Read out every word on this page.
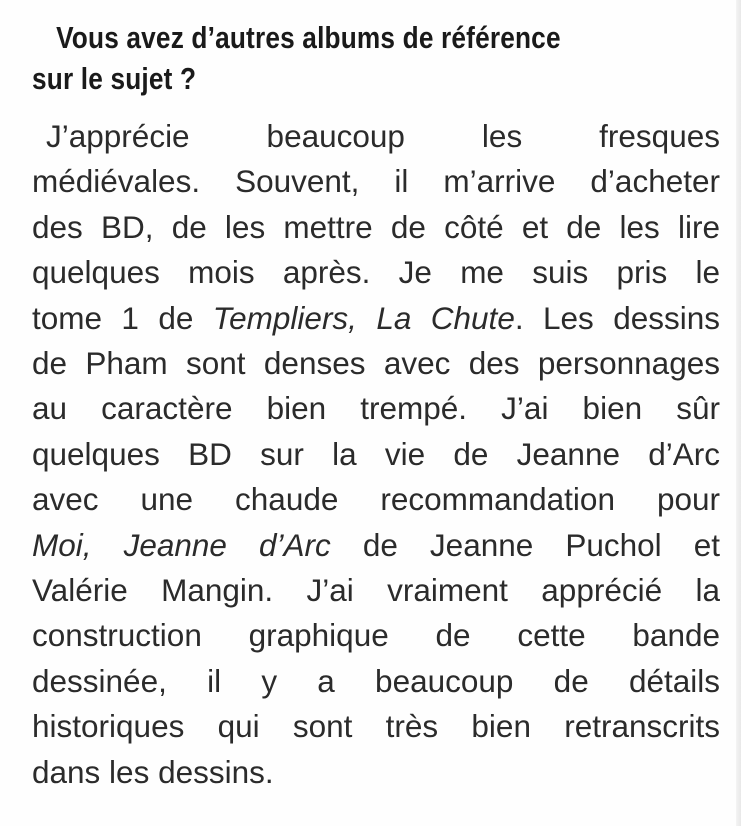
Vous avez d’autres albums de référence
sur le sujet ?
J’apprécie beaucoup les fresques
médiévales. Souvent, il m’arrive d’acheter
des BD, de les mettre de côté et de les lire
quelques mois après. Je me suis pris le
tome 1 de Templiers, La Chute. Les dessins
de Pham sont denses avec des personnages
au caractère bien trempé. J’ai bien sûr
quelques BD sur la vie de Jeanne d’Arc
avec une chaude recommandation pour
Moi, Jeanne d’Arc de Jeanne Puchol et
Valérie Mangin. J’ai vraiment apprécié la
construction graphique de cette bande
dessinée, il y a beaucoup de détails
historiques qui sont très bien retranscrits
dans les dessins.
